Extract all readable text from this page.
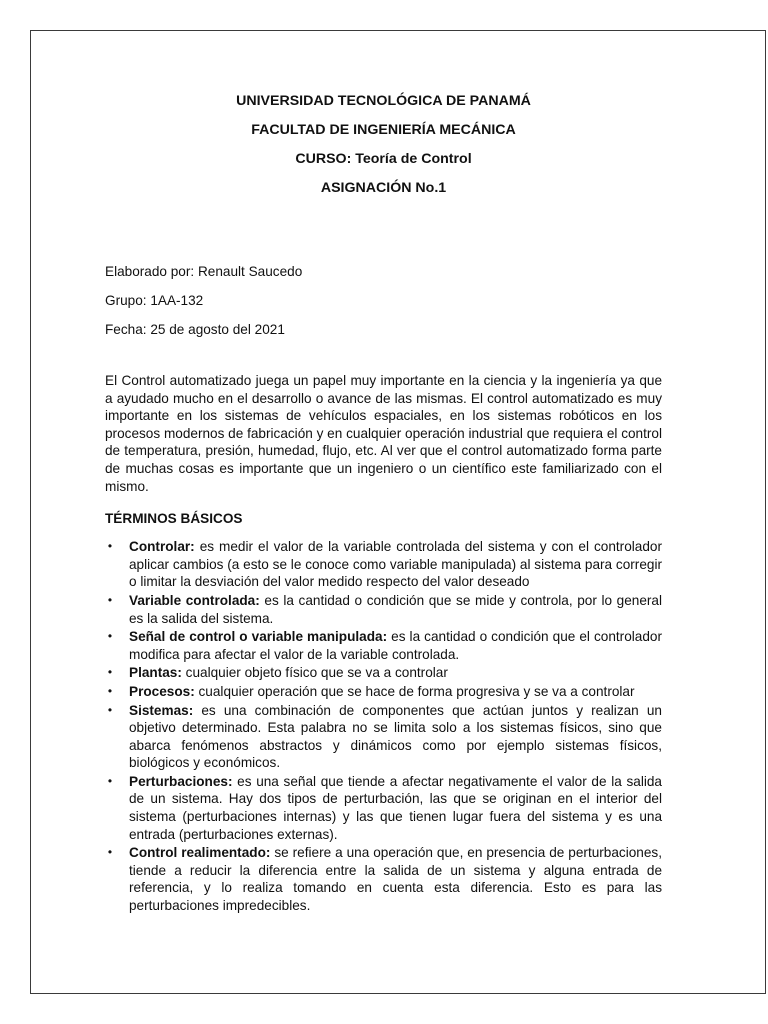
UNIVERSIDAD TECNOLÓGICA DE PANAMÁ

FACULTAD DE INGENIERÍA MECÁNICA

CURSO: Teoría de Control

ASIGNACIÓN No.1

Elaborado por: Renault Saucedo

Grupo: 1AA-132

Fecha: 25 de agosto del 2021

El Control automatizado juega un papel muy importante en la ciencia y la ingeniería ya que a ayudado mucho en el desarrollo o avance de las mismas. El control automatizado es muy importante en los sistemas de vehículos espaciales, en los sistemas robóticos en los procesos modernos de fabricación y en cualquier operación industrial que requiera el control de temperatura, presión, humedad, flujo, etc. Al ver que el control automatizado forma parte de muchas cosas es importante que un ingeniero o un científico este familiarizado con el mismo.

TÉRMINOS BÁSICOS

• Controlar: es medir el valor de la variable controlada del sistema y con el controlador aplicar cambios (a esto se le conoce como variable manipulada) al sistema para corregir o limitar la desviación del valor medido respecto del valor deseado
• Variable controlada: es la cantidad o condición que se mide y controla, por lo general es la salida del sistema.
• Señal de control o variable manipulada: es la cantidad o condición que el controlador modifica para afectar el valor de la variable controlada.
• Plantas: cualquier objeto físico que se va a controlar
• Procesos: cualquier operación que se hace de forma progresiva y se va a controlar
• Sistemas: es una combinación de componentes que actúan juntos y realizan un objetivo determinado. Esta palabra no se limita solo a los sistemas físicos, sino que abarca fenómenos abstractos y dinámicos como por ejemplo sistemas físicos, biológicos y económicos.
• Perturbaciones: es una señal que tiende a afectar negativamente el valor de la salida de un sistema. Hay dos tipos de perturbación, las que se originan en el interior del sistema (perturbaciones internas) y las que tienen lugar fuera del sistema y es una entrada (perturbaciones externas).
• Control realimentado: se refiere a una operación que, en presencia de perturbaciones, tiende a reducir la diferencia entre la salida de un sistema y alguna entrada de referencia, y lo realiza tomando en cuenta esta diferencia. Esto es para las perturbaciones impredecibles.
